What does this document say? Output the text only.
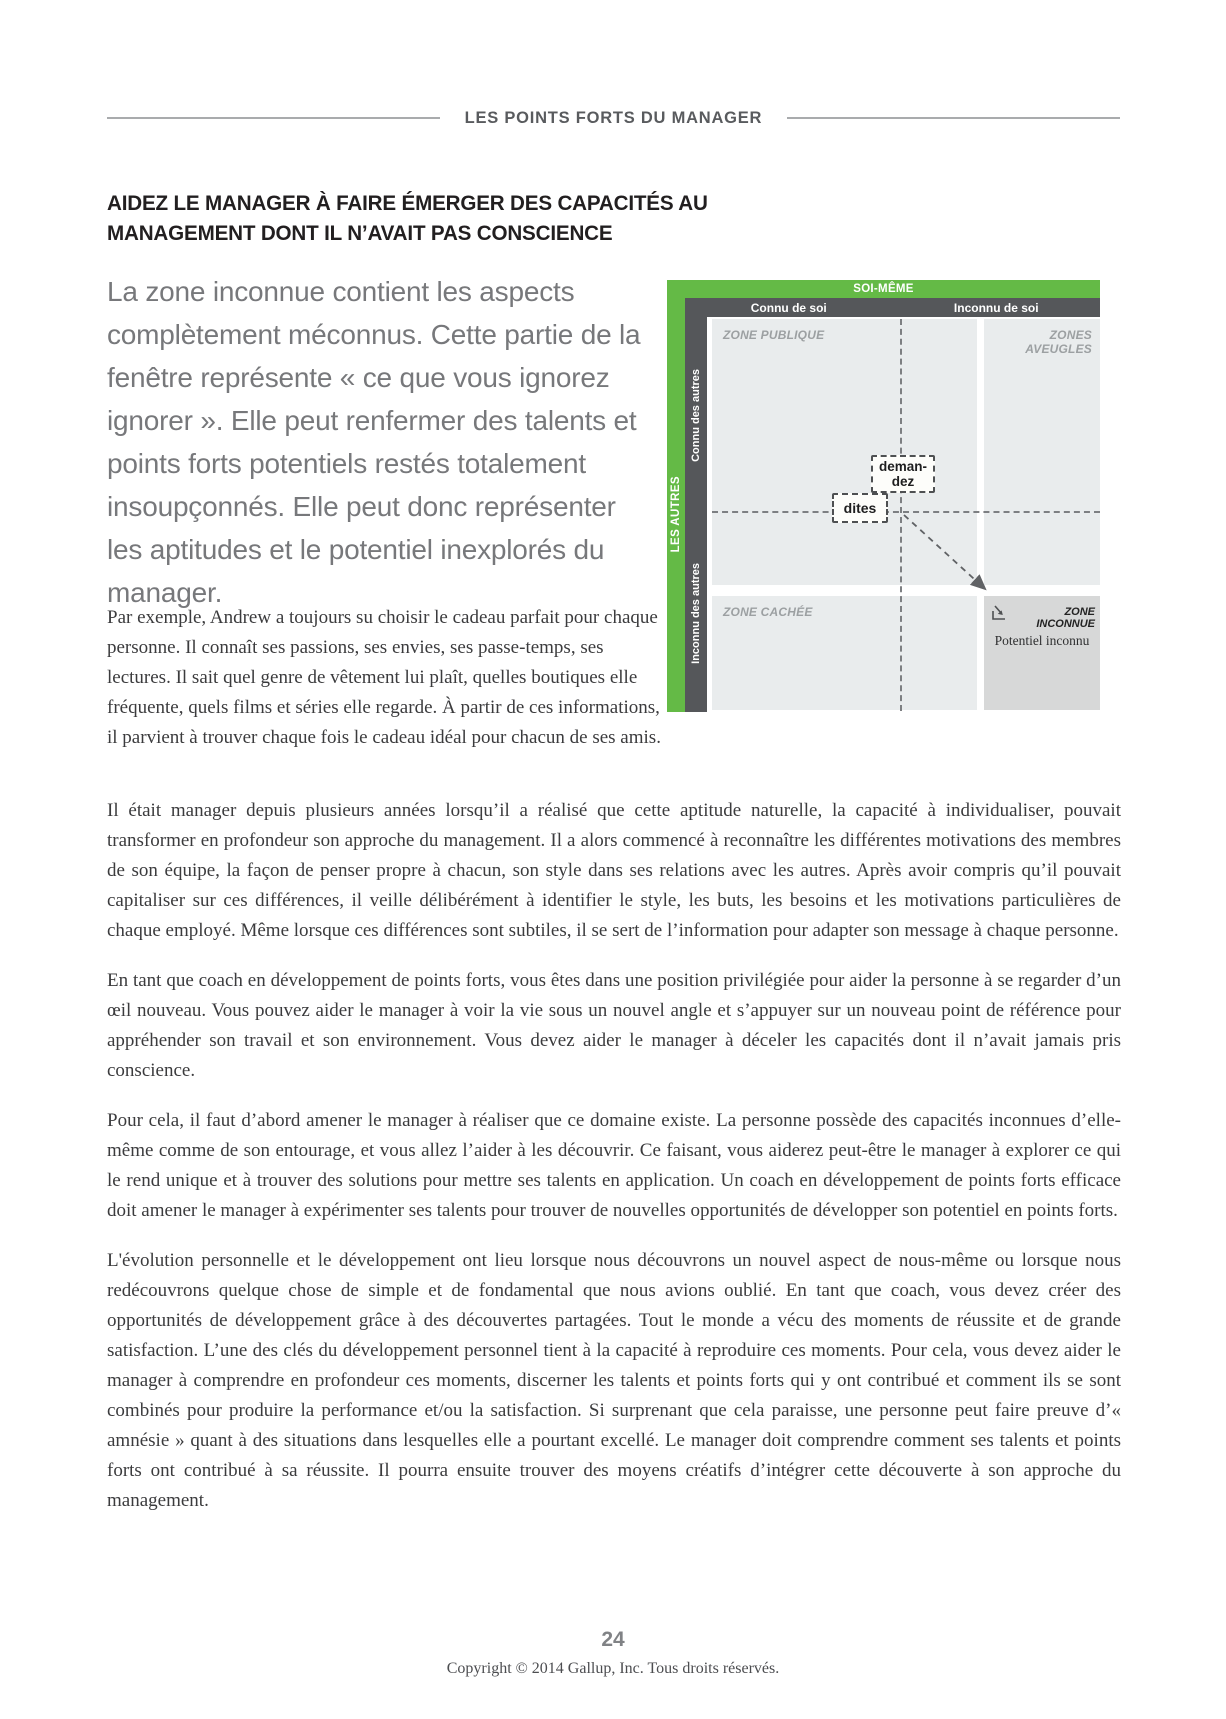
LES POINTS FORTS DU MANAGER
AIDEZ LE MANAGER À FAIRE ÉMERGER DES CAPACITÉS AU
MANAGEMENT DONT IL N’AVAIT PAS CONSCIENCE
La zone inconnue contient les aspects complètement méconnus. Cette partie de la fenêtre représente « ce que vous ignorez ignorer ». Elle peut renfermer des talents et points forts potentiels restés totalement insoupçonnés. Elle peut donc représenter les aptitudes et le potentiel inexplorés du manager.
Par exemple, Andrew a toujours su choisir le cadeau parfait pour chaque personne. Il connaît ses passions, ses envies, ses passe-temps, ses lectures. Il sait quel genre de vêtement lui plaît, quelles boutiques elle fréquente, quels films et séries elle regarde. À partir de ces informations, il parvient à trouver chaque fois le cadeau idéal pour chacun de ses amis.
SOI-MÊME
LES AUTRES
Connu de soi	Inconnu de soi
Connu des autres
Inconnu des autres
ZONE PUBLIQUE	ZONES AVEUGLES
ZONE CACHÉE	ZONE INCONNUE
Potentiel inconnu
deman-
dez
dites

Il était manager depuis plusieurs années lorsqu’il a réalisé que cette aptitude naturelle, la capacité à individualiser, pouvait transformer en profondeur son approche du management. Il a alors commencé à reconnaître les différentes motivations des membres de son équipe, la façon de penser propre à chacun, son style dans ses relations avec les autres. Après avoir compris qu’il pouvait capitaliser sur ces différences, il veille délibérément à identifier le style, les buts, les besoins et les motivations particulières de chaque employé. Même lorsque ces différences sont subtiles, il se sert de l’information pour adapter son message à chaque personne.

En tant que coach en développement de points forts, vous êtes dans une position privilégiée pour aider la personne à se regarder d’un œil nouveau. Vous pouvez aider le manager à voir la vie sous un nouvel angle et s’appuyer sur un nouveau point de référence pour appréhender son travail et son environnement. Vous devez aider le manager à déceler les capacités dont il n’avait jamais pris conscience.

Pour cela, il faut d’abord amener le manager à réaliser que ce domaine existe. La personne possède des capacités inconnues d’elle-même comme de son entourage, et vous allez l’aider à les découvrir. Ce faisant, vous aiderez peut-être le manager à explorer ce qui le rend unique et à trouver des solutions pour mettre ses talents en application. Un coach en développement de points forts efficace doit amener le manager à expérimenter ses talents pour trouver de nouvelles opportunités de développer son potentiel en points forts.

L'évolution personnelle et le développement ont lieu lorsque nous découvrons un nouvel aspect de nous-même ou lorsque nous redécouvrons quelque chose de simple et de fondamental que nous avions oublié. En tant que coach, vous devez créer des opportunités de développement grâce à des découvertes partagées. Tout le monde a vécu des moments de réussite et de grande satisfaction. L’une des clés du développement personnel tient à la capacité à reproduire ces moments. Pour cela, vous devez aider le manager à comprendre en profondeur ces moments, discerner les talents et points forts qui y ont contribué et comment ils se sont combinés pour produire la performance et/ou la satisfaction. Si surprenant que cela paraisse, une personne peut faire preuve d’« amnésie » quant à des situations dans lesquelles elle a pourtant excellé. Le manager doit comprendre comment ses talents et points forts ont contribué à sa réussite. Il pourra ensuite trouver des moyens créatifs d’intégrer cette découverte à son approche du management.

24
Copyright © 2014 Gallup, Inc. Tous droits réservés.
